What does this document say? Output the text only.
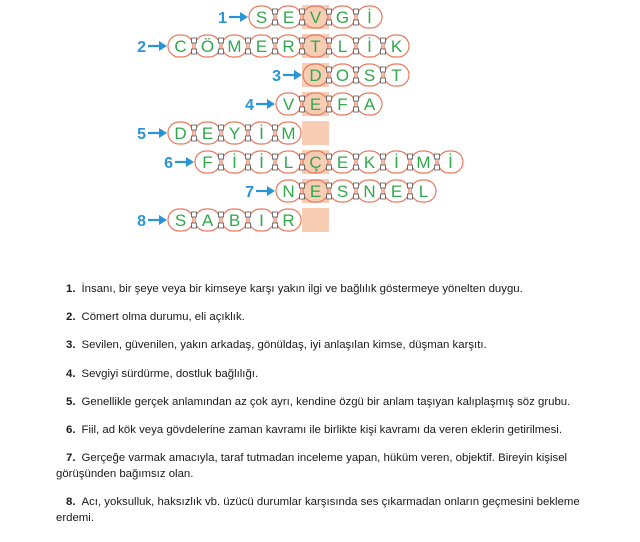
S E V G İ
1
C Ö M E R T L İ K
2
D O S T
3
V E F A
4
D E Y İ M
5
F İ İ L Ç E K İ M İ
6
N E S N E L
7
S A B I R
8

1. İnsanı, bir şeye veya bir kimseye karşı yakın ilgi ve bağlılık göstermeye yönelten duygu.

2. Cömert olma durumu, eli açıklık.

3. Sevilen, güvenilen, yakın arkadaş, gönüldaş, iyi anlaşılan kimse, düşman karşıtı.

4. Sevgiyi sürdürme, dostluk bağlılığı.

5. Genellikle gerçek anlamından az çok ayrı, kendine özgü bir anlam taşıyan kalıplaşmış söz grubu.

6. Fiil, ad kök veya gövdelerine zaman kavramı ile birlikte kişi kavramı da veren eklerin getirilmesi.

7. Gerçeğe varmak amacıyla, taraf tutmadan inceleme yapan, hüküm veren, objektif. Bireyin kişisel görüşünden bağımsız olan.

8. Acı, yoksulluk, haksızlık vb. üzücü durumlar karşısında ses çıkarmadan onların geçmesini bekleme erdemi.
